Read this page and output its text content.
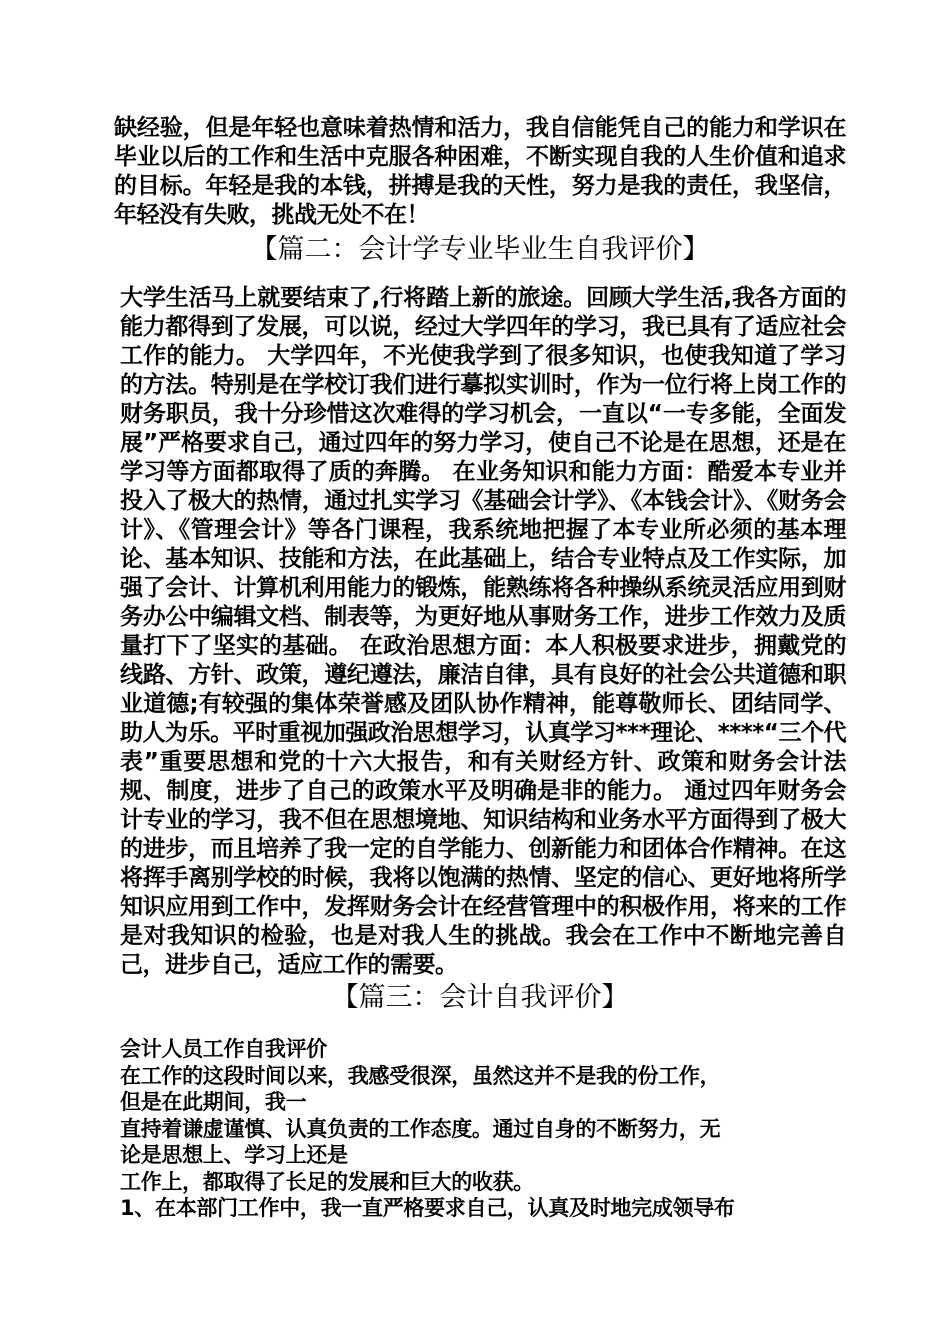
缺经验，但是年轻也意味着热情和活力，我自信能凭自己的能力和学识在毕业以后的工作和生活中克服各种困难，不断实现自我的人生价值和追求的目标。年轻是我的本钱，拼搏是我的天性，努力是我的责任，我坚信，年轻没有失败，挑战无处不在！

【篇二：会计学专业毕业生自我评价】

大学生活马上就要结束了,行将踏上新的旅途。回顾大学生活,我各方面的能力都得到了发展，可以说，经过大学四年的学习，我已具有了适应社会工作的能力。 大学四年，不光使我学到了很多知识，也使我知道了学习的方法。特别是在学校订我们进行摹拟实训时，作为一位行将上岗工作的财务职员，我十分珍惜这次难得的学习机会，一直以“一专多能，全面发展”严格要求自己，通过四年的努力学习，使自己不论是在思想，还是在学习等方面都取得了质的奔腾。 在业务知识和能力方面：酷爱本专业并投入了极大的热情，通过扎实学习《基础会计学》、《本钱会计》、《财务会计》、《管理会计》等各门课程，我系统地把握了本专业所必须的基本理论、基本知识、技能和方法，在此基础上，结合专业特点及工作实际，加强了会计、计算机利用能力的锻炼，能熟练将各种操纵系统灵活应用到财务办公中编辑文档、制表等，为更好地从事财务工作，进步工作效力及质量打下了坚实的基础。 在政治思想方面：本人积极要求进步，拥戴党的线路、方针、政策，遵纪遵法，廉洁自律，具有良好的社会公共道德和职业道德;有较强的集体荣誉感及团队协作精神，能尊敬师长、团结同学、助人为乐。平时重视加强政治思想学习，认真学习***理论、****“三个代表”重要思想和党的十六大报告，和有关财经方针、政策和财务会计法规、制度，进步了自己的政策水平及明确是非的能力。 通过四年财务会计专业的学习，我不但在思想境地、知识结构和业务水平方面得到了极大的进步，而且培养了我一定的自学能力、创新能力和团体合作精神。在这将挥手离别学校的时候，我将以饱满的热情、坚定的信心、更好地将所学知识应用到工作中，发挥财务会计在经营管理中的积极作用，将来的工作是对我知识的检验，也是对我人生的挑战。我会在工作中不断地完善自己，进步自己，适应工作的需要。

【篇三：会计自我评价】

会计人员工作自我评价

在工作的这段时间以来，我感受很深，虽然这并不是我的份工作，

但是在此期间，我一

直持着谦虚谨慎、认真负责的工作态度。通过自身的不断努力，无

论是思想上、学习上还是

工作上，都取得了长足的发展和巨大的收获。

1、在本部门工作中，我一直严格要求自己，认真及时地完成领导布
